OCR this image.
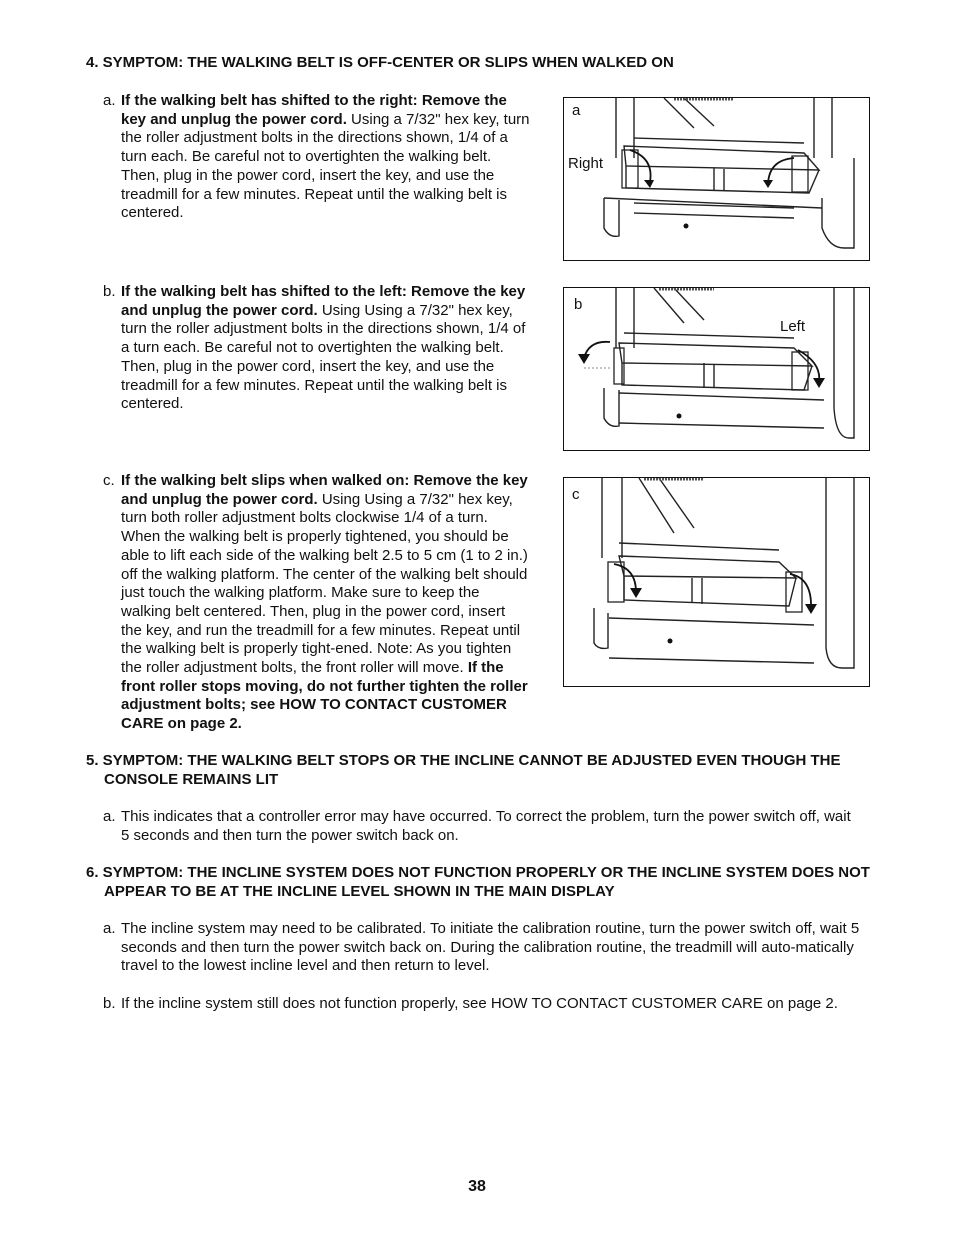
4. SYMPTOM: THE WALKING BELT IS OFF-CENTER OR SLIPS WHEN WALKED ON
a. If the walking belt has shifted to the right: Remove the key and unplug the power cord. Using a 7/32" hex key, turn the roller adjustment bolts in the directions shown, 1/4 of a turn each. Be careful not to overtighten the walking belt. Then, plug in the power cord, insert the key, and use the treadmill for a few minutes. Repeat until the walking belt is centered.
b. If the walking belt has shifted to the left: Remove the key and unplug the power cord. Using Using a 7/32" hex key, turn the roller adjustment bolts in the directions shown, 1/4 of a turn each. Be careful not to overtighten the walking belt. Then, plug in the power cord, insert the key, and use the treadmill for a few minutes. Repeat until the walking belt is centered.
c. If the walking belt slips when walked on: Remove the key and unplug the power cord. Using Using a 7/32" hex key, turn both roller adjustment bolts clockwise 1/4 of a turn. When the walking belt is properly tightened, you should be able to lift each side of the walking belt 2.5 to 5 cm (1 to 2 in.) off the walking platform. The center of the walking belt should just touch the walking platform. Make sure to keep the walking belt centered. Then, plug in the power cord, insert the key, and run the treadmill for a few minutes. Repeat until the walking belt is properly tight-ened. Note: As you tighten the roller adjustment bolts, the front roller will move. If the front roller stops moving, do not further tighten the roller adjustment bolts; see HOW TO CONTACT CUSTOMER CARE on page 2.
a
Right
b
Left
c
5. SYMPTOM: THE WALKING BELT STOPS OR THE INCLINE CANNOT BE ADJUSTED EVEN THOUGH THE CONSOLE REMAINS LIT
a. This indicates that a controller error may have occurred. To correct the problem, turn the power switch off, wait 5 seconds and then turn the power switch back on.
6. SYMPTOM: THE INCLINE SYSTEM DOES NOT FUNCTION PROPERLY OR THE INCLINE SYSTEM DOES NOT APPEAR TO BE AT THE INCLINE LEVEL SHOWN IN THE MAIN DISPLAY
a. The incline system may need to be calibrated. To initiate the calibration routine, turn the power switch off, wait 5 seconds and then turn the power switch back on. During the calibration routine, the treadmill will auto-matically travel to the lowest incline level and then return to level.
b. If the incline system still does not function properly, see HOW TO CONTACT CUSTOMER CARE on page 2.
38
